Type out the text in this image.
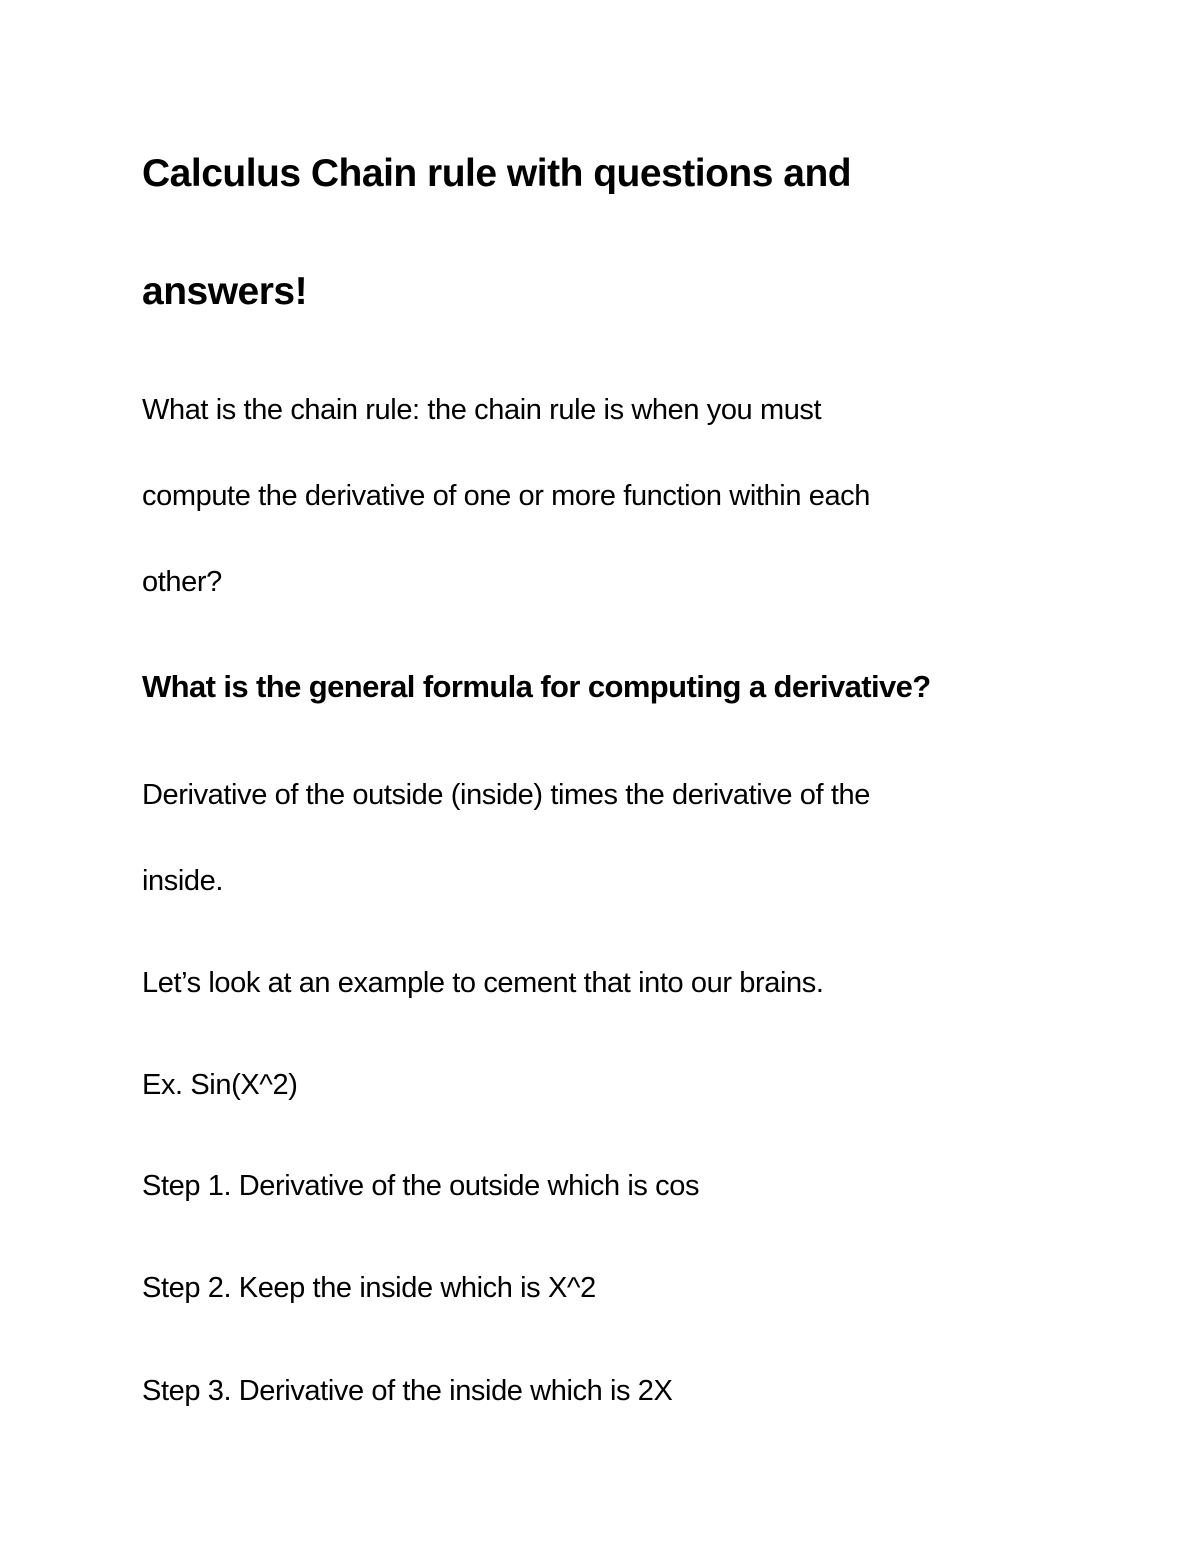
Calculus Chain rule with questions and
answers!
What is the chain rule: the chain rule is when you must
compute the derivative of one or more function within each
other?
What is the general formula for computing a derivative?
Derivative of the outside (inside) times the derivative of the
inside.
Let’s look at an example to cement that into our brains.
Ex. Sin(X^2)
Step 1. Derivative of the outside which is cos
Step 2. Keep the inside which is X^2
Step 3. Derivative of the inside which is 2X
